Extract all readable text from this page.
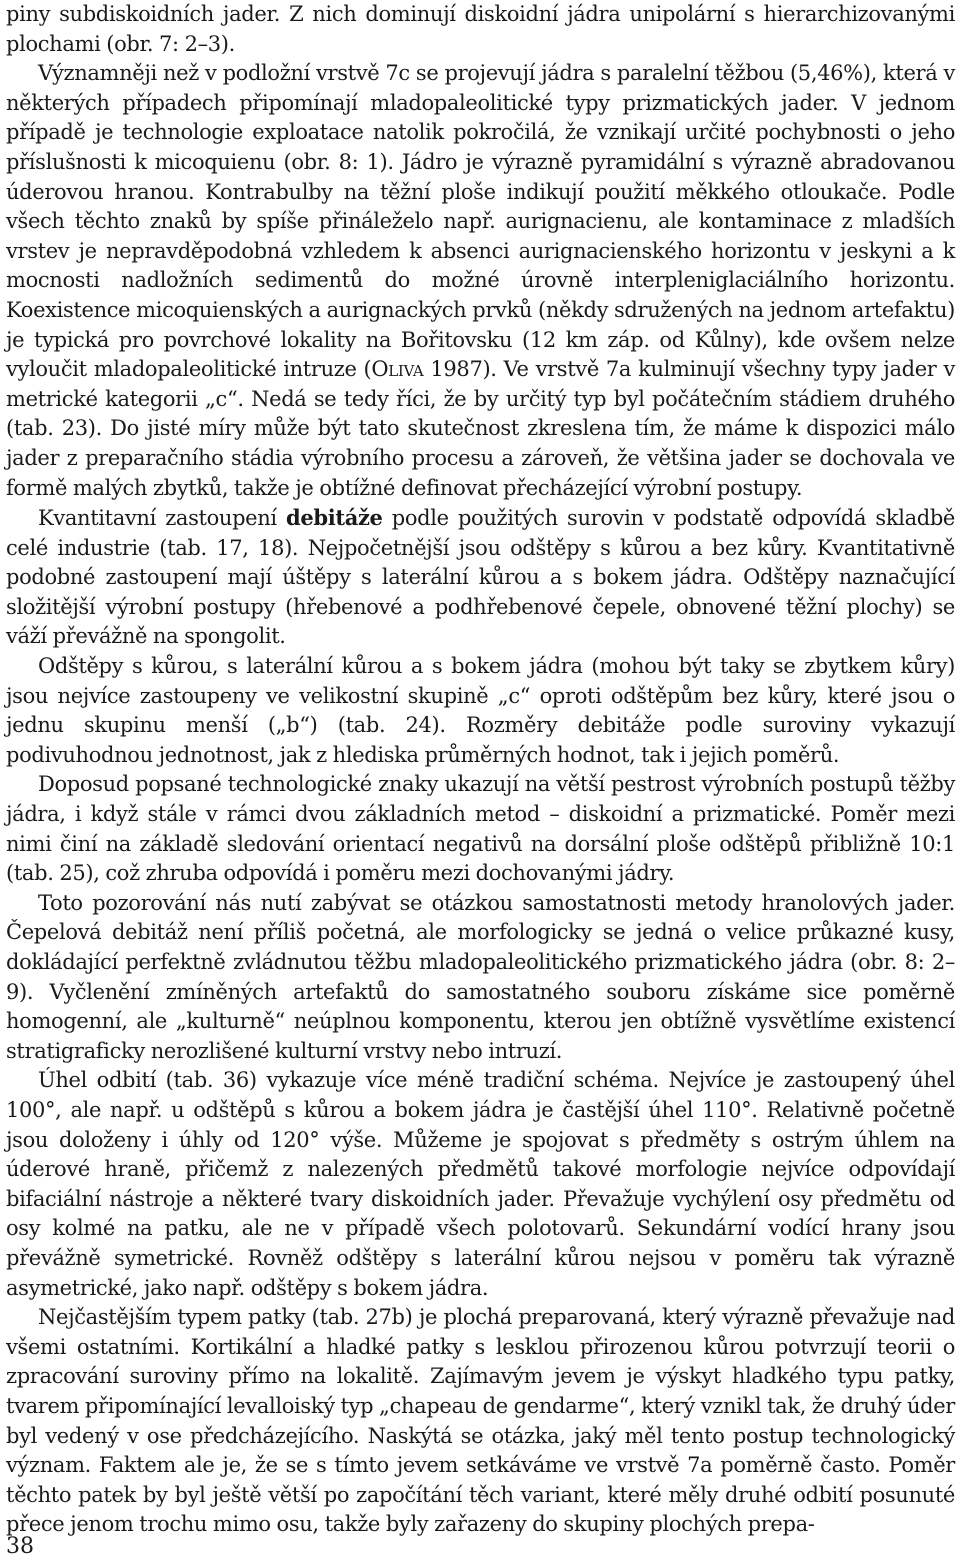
piny subdiskoidních jader. Z nich dominují diskoidní jádra unipolární s hierarchizovanými plochami (obr. 7: 2–3).

Významněji než v podložní vrstvě 7c se projevují jádra s paralelní těžbou (5,46%), která v některých případech připomínají mladopaleolitické typy prizmatických jader. V jednom případě je technologie exploatace natolik pokročilá, že vznikají určité pochybnosti o jeho příslušnosti k micoquienu (obr. 8: 1). Jádro je výrazně pyramidální s výrazně abradovanou úderovou hranou. Kontrabulby na těžní ploše indikují použití měkkého otloukače. Podle všech těchto znaků by spíše přináleželo např. aurignacienu, ale kontaminace z mladších vrstev je nepravděpodobná vzhledem k absenci aurignacienského horizontu v jeskyni a k mocnosti nadložních sedimentů do možné úrovně interpleniglaciálního horizontu. Koexistence micoquienských a aurignackých prvků (někdy sdružených na jednom artefaktu) je typická pro povrchové lokality na Bořitovsku (12 km záp. od Kůlny), kde ovšem nelze vyloučit mladopaleolitické intruze (Oliva 1987). Ve vrstvě 7a kulminují všechny typy jader v metrické kategorii „c“. Nedá se tedy říci, že by určitý typ byl počátečním stádiem druhého (tab. 23). Do jisté míry může být tato skutečnost zkreslena tím, že máme k dispozici málo jader z preparačního stádia výrobního procesu a zároveň, že většina jader se dochovala ve formě malých zbytků, takže je obtížné definovat přecházející výrobní postupy.

Kvantitavní zastoupení debitáže podle použitých surovin v podstatě odpovídá skladbě celé industrie (tab. 17, 18). Nejpočetnější jsou odštěpy s kůrou a bez kůry. Kvantitativně podobné zastoupení mají úštěpy s laterální kůrou a s bokem jádra. Odštěpy naznačující složitější výrobní postupy (hřebenové a podhřebenové čepele, obnovené těžní plochy) se váží převážně na spongolit.

Odštěpy s kůrou, s laterální kůrou a s bokem jádra (mohou být taky se zbytkem kůry) jsou nejvíce zastoupeny ve velikostní skupině „c“ oproti odštěpům bez kůry, které jsou o jednu skupinu menší („b“) (tab. 24). Rozměry debitáže podle suroviny vykazují podivuhodnou jednotnost, jak z hlediska průměrných hodnot, tak i jejich poměrů.

Doposud popsané technologické znaky ukazují na větší pestrost výrobních postupů těžby jádra, i když stále v rámci dvou základních metod – diskoidní a prizmatické. Poměr mezi nimi činí na základě sledování orientací negativů na dorsální ploše odštěpů přibližně 10:1 (tab. 25), což zhruba odpovídá i poměru mezi dochovanými jádry.

Toto pozorování nás nutí zabývat se otázkou samostatnosti metody hranolových jader. Čepelová debitáž není příliš početná, ale morfologicky se jedná o velice průkazné kusy, dokládající perfektně zvládnutou těžbu mladopaleolitického prizmatického jádra (obr. 8: 2–9). Vyčlenění zmíněných artefaktů do samostatného souboru získáme sice poměrně homogenní, ale „kulturně“ neúplnou komponentu, kterou jen obtížně vysvětlíme existencí stratigraficky nerozlišené kulturní vrstvy nebo intruzí.

Úhel odbití (tab. 36) vykazuje více méně tradiční schéma. Nejvíce je zastoupený úhel 100°, ale např. u odštěpů s kůrou a bokem jádra je častější úhel 110°. Relativně početně jsou doloženy i úhly od 120° výše. Můžeme je spojovat s předměty s ostrým úhlem na úderové hraně, přičemž z nalezených předmětů takové morfologie nejvíce odpovídají bifaciální nástroje a některé tvary diskoidních jader. Převažuje vychýlení osy předmětu od osy kolmé na patku, ale ne v případě všech polotovarů. Sekundární vodící hrany jsou převážně symetrické. Rovněž odštěpy s laterální kůrou nejsou v poměru tak výrazně asymetrické, jako např. odštěpy s bokem jádra.

Nejčastějším typem patky (tab. 27b) je plochá preparovaná, který výrazně převažuje nad všemi ostatními. Kortikální a hladké patky s lesklou přirozenou kůrou potvrzují teorii o zpracování suroviny přímo na lokalitě. Zajímavým jevem je výskyt hladkého typu patky, tvarem připomínající levalloiský typ „chapeau de gendarme“, který vznikl tak, že druhý úder byl vedený v ose předcházejícího. Naskýtá se otázka, jaký měl tento postup technologický význam. Faktem ale je, že se s tímto jevem setkáváme ve vrstvě 7a poměrně často. Poměr těchto patek by byl ještě větší po započítání těch variant, které měly druhé odbití posunuté přece jenom trochu mimo osu, takže byly zařazeny do skupiny plochých prepa-

38
